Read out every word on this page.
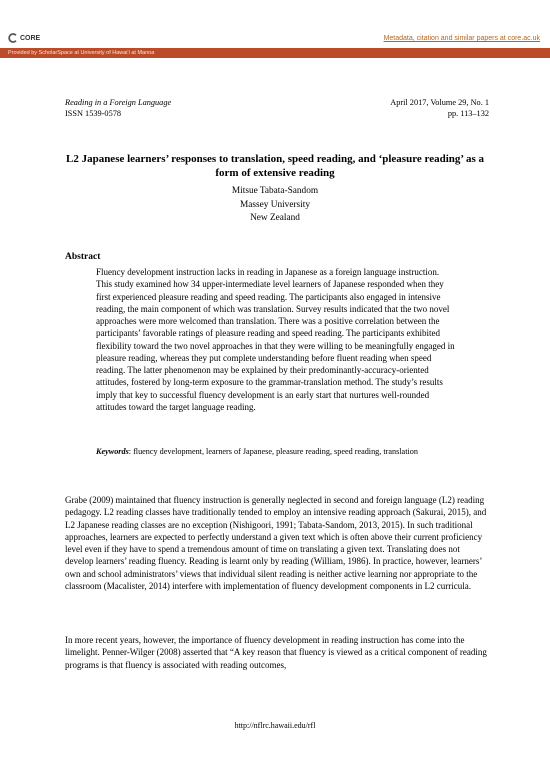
CORE	Metadata, citation and similar papers at core.ac.uk
Provided by ScholarSpace at University of Hawai'i at Manoa
Reading in a Foreign Language
ISSN 1539-0578
April 2017, Volume 29, No. 1
pp. 113–132
L2 Japanese learners’ responses to translation, speed reading, and ‘pleasure reading’ as a form of extensive reading
Mitsue Tabata-Sandom
Massey University
New Zealand
Abstract
Fluency development instruction lacks in reading in Japanese as a foreign language instruction. This study examined how 34 upper-intermediate level learners of Japanese responded when they first experienced pleasure reading and speed reading. The participants also engaged in intensive reading, the main component of which was translation. Survey results indicated that the two novel approaches were more welcomed than translation. There was a positive correlation between the participants’ favorable ratings of pleasure reading and speed reading. The participants exhibited flexibility toward the two novel approaches in that they were willing to be meaningfully engaged in pleasure reading, whereas they put complete understanding before fluent reading when speed reading. The latter phenomenon may be explained by their predominantly-accuracy-oriented attitudes, fostered by long-term exposure to the grammar-translation method. The study’s results imply that key to successful fluency development is an early start that nurtures well-rounded attitudes toward the target language reading.
Keywords: fluency development, learners of Japanese, pleasure reading, speed reading, translation
Grabe (2009) maintained that fluency instruction is generally neglected in second and foreign language (L2) reading pedagogy. L2 reading classes have traditionally tended to employ an intensive reading approach (Sakurai, 2015), and L2 Japanese reading classes are no exception (Nishigoori, 1991; Tabata-Sandom, 2013, 2015). In such traditional approaches, learners are expected to perfectly understand a given text which is often above their current proficiency level even if they have to spend a tremendous amount of time on translating a given text. Translating does not develop learners’ reading fluency. Reading is learnt only by reading (William, 1986). In practice, however, learners’ own and school administrators’ views that individual silent reading is neither active learning nor appropriate to the classroom (Macalister, 2014) interfere with implementation of fluency development components in L2 curricula.
In more recent years, however, the importance of fluency development in reading instruction has come into the limelight. Penner-Wilger (2008) asserted that “A key reason that fluency is viewed as a critical component of reading programs is that fluency is associated with reading outcomes,
http://nflrc.hawaii.edu/rfl
